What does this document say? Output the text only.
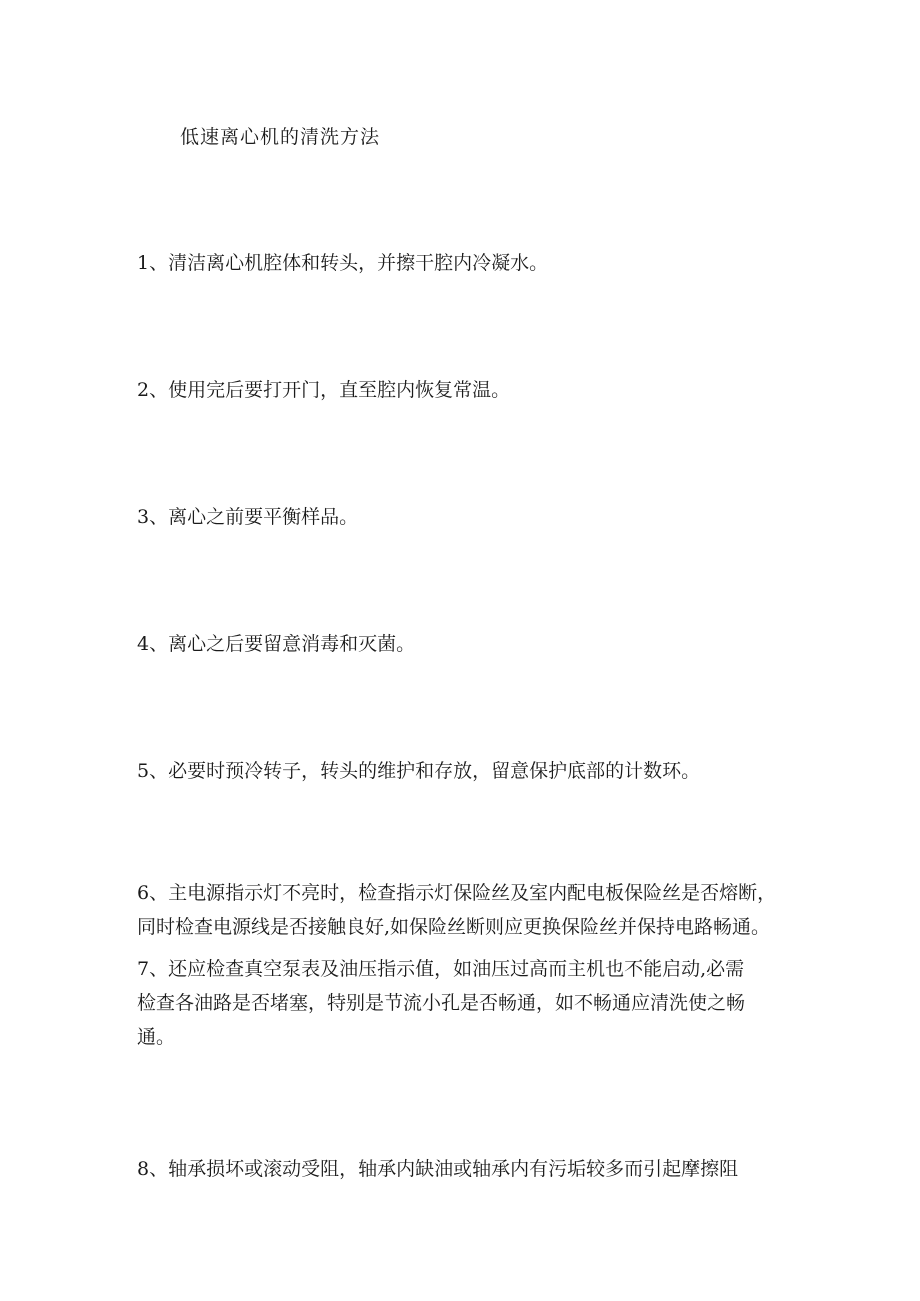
低速离心机的清洗方法
1、清洁离心机腔体和转头，并擦干腔内冷凝水。
2、使用完后要打开门，直至腔内恢复常温。
3、离心之前要平衡样品。
4、离心之后要留意消毒和灭菌。
5、必要时预冷转子，转头的维护和存放，留意保护底部的计数环。
6、主电源指示灯不亮时，检查指示灯保险丝及室内配电板保险丝是否熔断，
同时检查电源线是否接触良好,如保险丝断则应更换保险丝并保持电路畅通。
7、还应检查真空泵表及油压指示值，如油压过高而主机也不能启动,必需
检查各油路是否堵塞，特别是节流小孔是否畅通，如不畅通应清洗使之畅
通。
8、轴承损坏或滚动受阻，轴承内缺油或轴承内有污垢较多而引起摩擦阻
